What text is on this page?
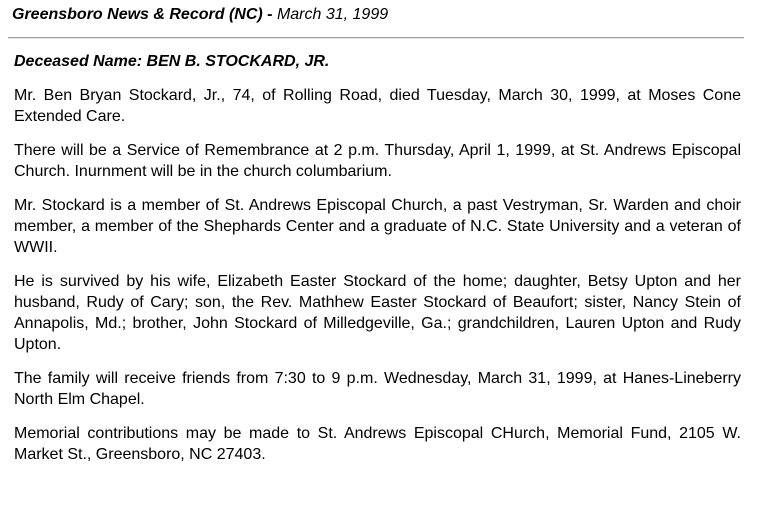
Greensboro News & Record (NC) - March 31, 1999
Deceased Name: BEN B. STOCKARD, JR.

Mr. Ben Bryan Stockard, Jr., 74, of Rolling Road, died Tuesday, March 30, 1999, at Moses Cone Extended Care.

There will be a Service of Remembrance at 2 p.m. Thursday, April 1, 1999, at St. Andrews Episcopal Church. Inurnment will be in the church columbarium.

Mr. Stockard is a member of St. Andrews Episcopal Church, a past Vestryman, Sr. Warden and choir member, a member of the Shephards Center and a graduate of N.C. State University and a veteran of WWII.

He is survived by his wife, Elizabeth Easter Stockard of the home; daughter, Betsy Upton and her husband, Rudy of Cary; son, the Rev. Mathhew Easter Stockard of Beaufort; sister, Nancy Stein of Annapolis, Md.; brother, John Stockard of Milledgeville, Ga.; grandchildren, Lauren Upton and Rudy Upton.

The family will receive friends from 7:30 to 9 p.m. Wednesday, March 31, 1999, at Hanes-Lineberry North Elm Chapel.

Memorial contributions may be made to St. Andrews Episcopal CHurch, Memorial Fund, 2105 W. Market St., Greensboro, NC 27403.
